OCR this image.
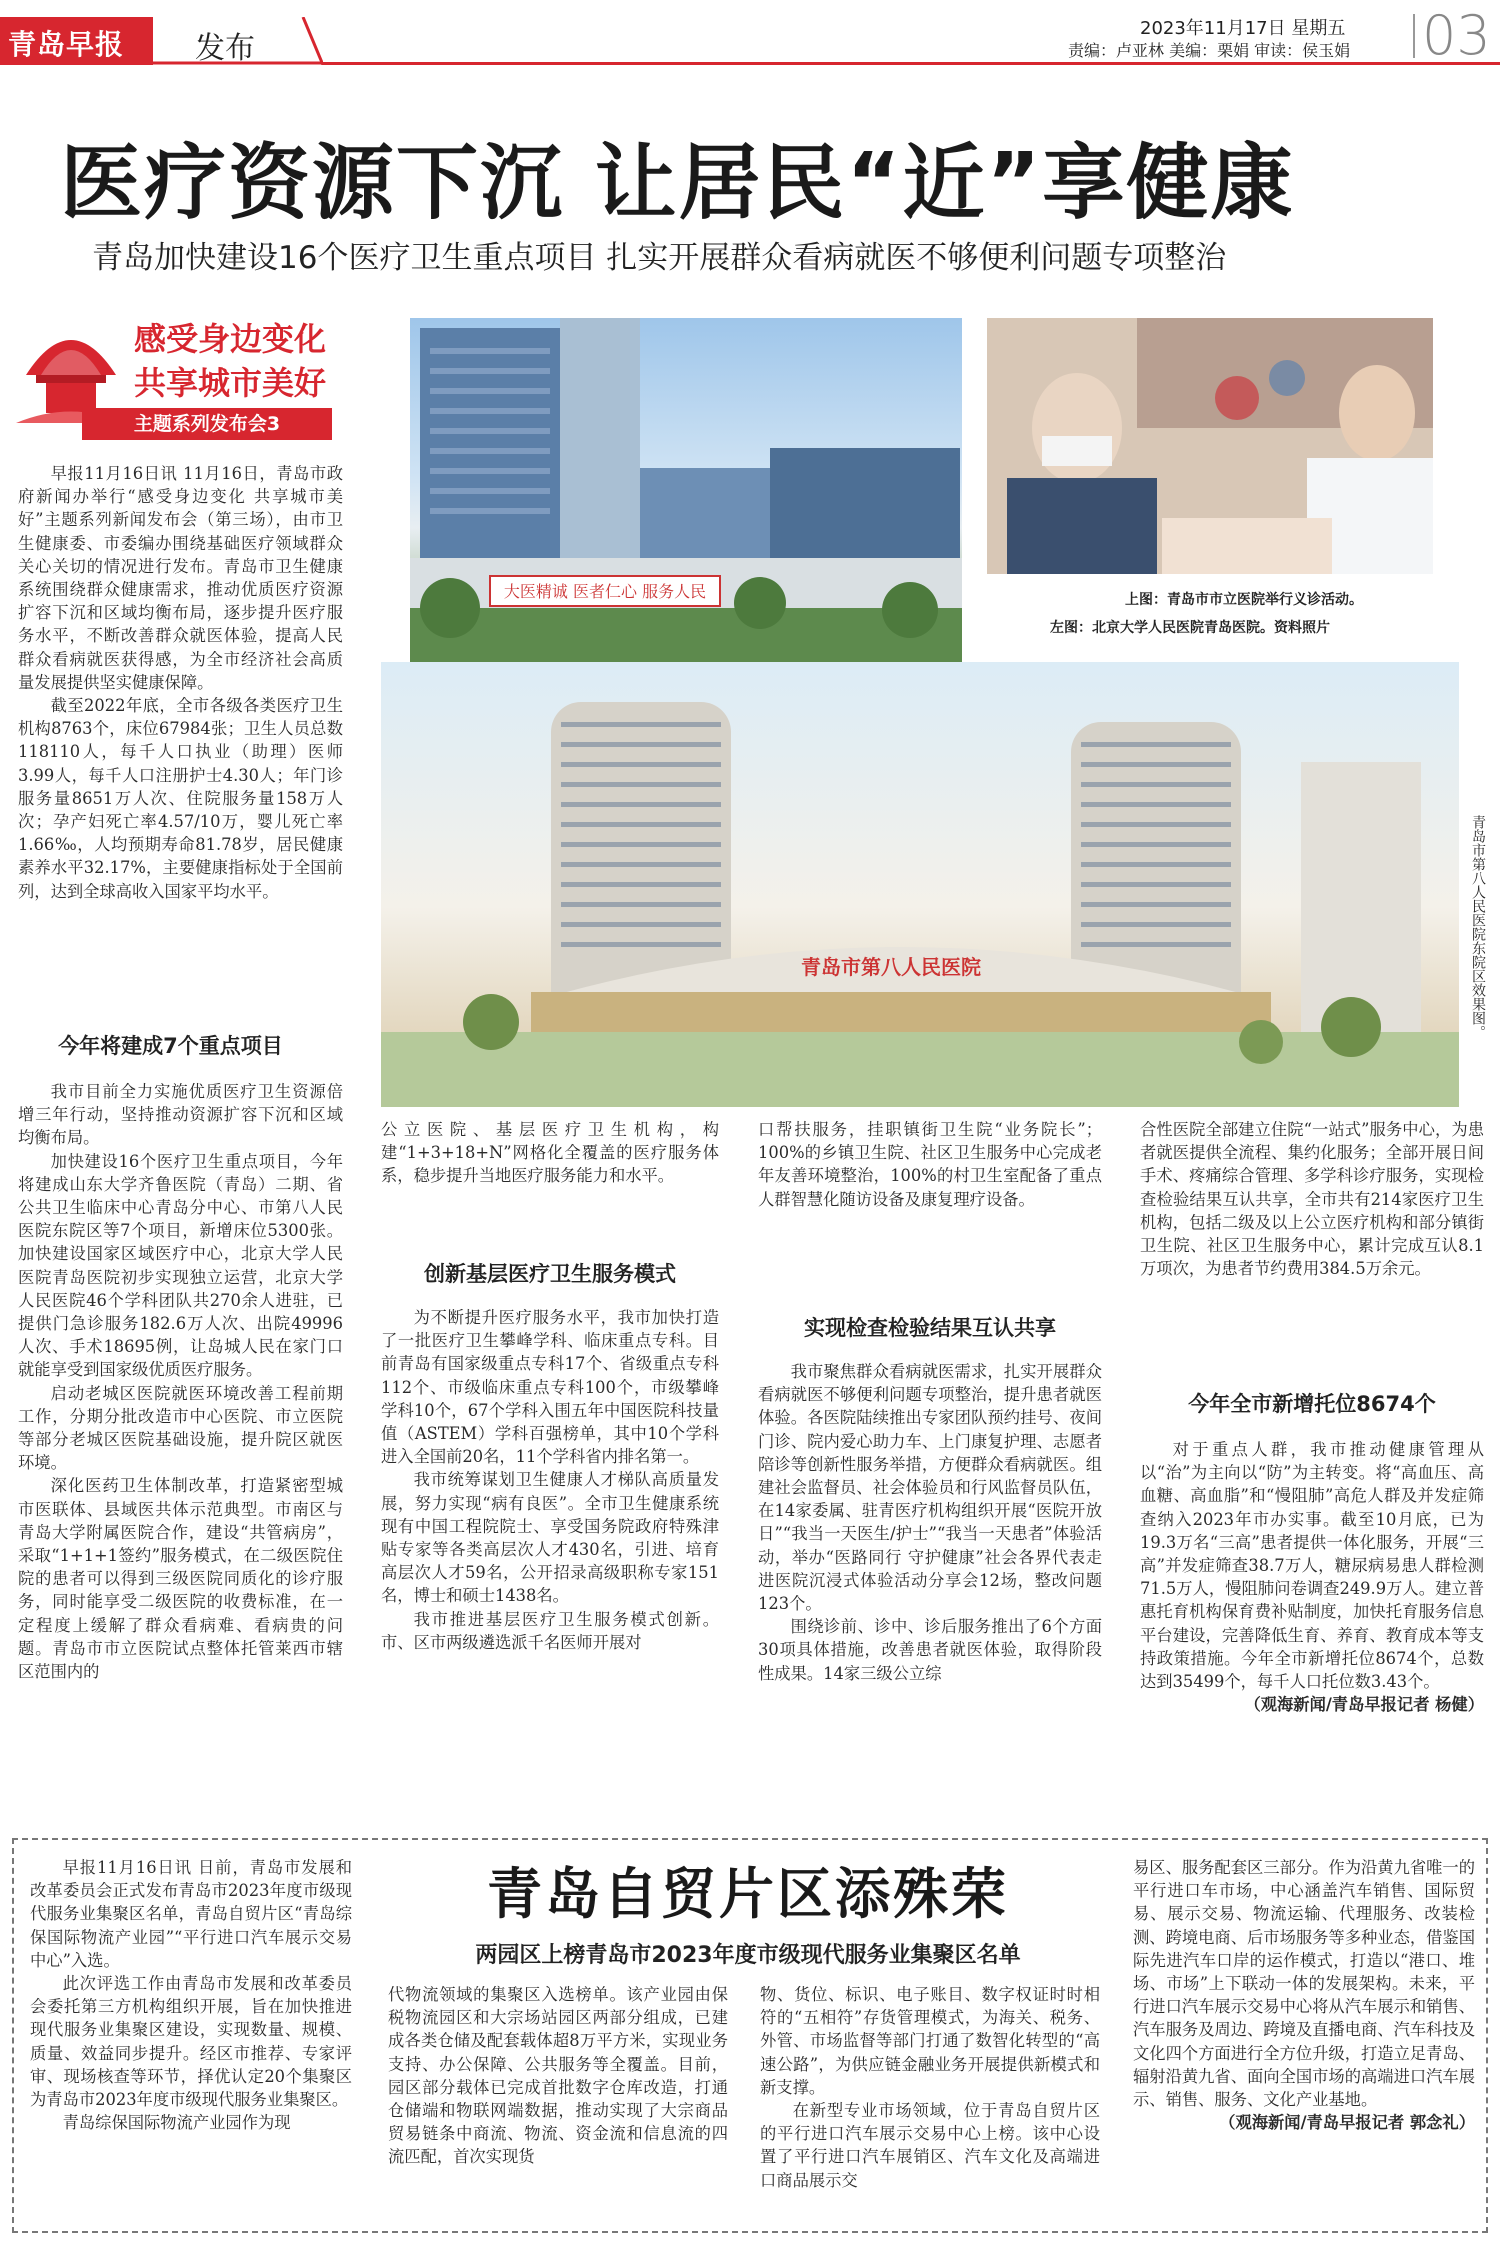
青岛早报 发布
2023年11月17日 星期五
责编：卢亚林 美编：栗娟 审读：侯玉娟	03
医疗资源下沉 让居民“近”享健康
青岛加快建设16个医疗卫生重点项目 扎实开展群众看病就医不够便利问题专项整治
感受身边变化
共享城市美好
主题系列发布会3
大医精诚 医者仁心 服务人民	上图：青岛市市立医院举行义诊活动。
左图：北京大学人民医院青岛医院。资料照片
青岛市第八人民医院	青岛市第八人民医院东院区效果图。

早报11月16日讯 11月16日，青岛市政府新闻办举行“感受身边变化 共享城市美好”主题系列新闻发布会（第三场），由市卫生健康委、市委编办围绕基础医疗领域群众关心关切的情况进行发布。青岛市卫生健康系统围绕群众健康需求，推动优质医疗资源扩容下沉和区域均衡布局，逐步提升医疗服务水平，不断改善群众就医体验，提高人民群众看病就医获得感，为全市经济社会高质量发展提供坚实健康保障。

截至2022年底，全市各级各类医疗卫生机构8763个，床位67984张；卫生人员总数118110人，每千人口执业（助理）医师3.99人，每千人口注册护士4.30人；年门诊服务量8651万人次、住院服务量158万人次；孕产妇死亡率4.57/10万，婴儿死亡率1.66‰，人均预期寿命81.78岁，居民健康素养水平32.17%，主要健康指标处于全国前列，达到全球高收入国家平均水平。

今年将建成7个重点项目

我市目前全力实施优质医疗卫生资源倍增三年行动，坚持推动资源扩容下沉和区域均衡布局。

加快建设16个医疗卫生重点项目，今年将建成山东大学齐鲁医院（青岛）二期、省公共卫生临床中心青岛分中心、市第八人民医院东院区等7个项目，新增床位5300张。加快建设国家区域医疗中心，北京大学人民医院青岛医院初步实现独立运营，北京大学人民医院46个学科团队共270余人进驻，已提供门急诊服务182.6万人次、出院49996人次、手术18695例，让岛城人民在家门口就能享受到国家级优质医疗服务。

启动老城区医院就医环境改善工程前期工作，分期分批改造市中心医院、市立医院等部分老城区医院基础设施，提升院区就医环境。

深化医药卫生体制改革，打造紧密型城市医联体、县域医共体示范典型。市南区与青岛大学附属医院合作，建设“共管病房”，采取“1+1+1签约”服务模式，在二级医院住院的患者可以得到三级医院同质化的诊疗服务，同时能享受二级医院的收费标准，在一定程度上缓解了群众看病难、看病贵的问题。青岛市市立医院试点整体托管莱西市辖区范围内的

公立医院、基层医疗卫生机构，构建“1+3+18+N”网格化全覆盖的医疗服务体系，稳步提升当地医疗服务能力和水平。

创新基层医疗卫生服务模式

为不断提升医疗服务水平，我市加快打造了一批医疗卫生攀峰学科、临床重点专科。目前青岛有国家级重点专科17个、省级重点专科112个、市级临床重点专科100个，市级攀峰学科10个，67个学科入围五年中国医院科技量值（ASTEM）学科百强榜单，其中10个学科进入全国前20名，11个学科省内排名第一。

我市统筹谋划卫生健康人才梯队高质量发展，努力实现“病有良医”。全市卫生健康系统现有中国工程院院士、享受国务院政府特殊津贴专家等各类高层次人才430名，引进、培育高层次人才59名，公开招录高级职称专家151名，博士和硕士1438名。

我市推进基层医疗卫生服务模式创新。市、区市两级遴选派千名医师开展对

口帮扶服务，挂职镇街卫生院“业务院长”；100%的乡镇卫生院、社区卫生服务中心完成老年友善环境整治，100%的村卫生室配备了重点人群智慧化随访设备及康复理疗设备。

实现检查检验结果互认共享

我市聚焦群众看病就医需求，扎实开展群众看病就医不够便利问题专项整治，提升患者就医体验。各医院陆续推出专家团队预约挂号、夜间门诊、院内爱心助力车、上门康复护理、志愿者陪诊等创新性服务举措，方便群众看病就医。组建社会监督员、社会体验员和行风监督员队伍，在14家委属、驻青医疗机构组织开展“医院开放日”“我当一天医生/护士”“我当一天患者”体验活动，举办“医路同行 守护健康”社会各界代表走进医院沉浸式体验活动分享会12场，整改问题123个。

围绕诊前、诊中、诊后服务推出了6个方面30项具体措施，改善患者就医体验，取得阶段性成果。14家三级公立综

合性医院全部建立住院“一站式”服务中心，为患者就医提供全流程、集约化服务；全部开展日间手术、疼痛综合管理、多学科诊疗服务，实现检查检验结果互认共享，全市共有214家医疗卫生机构，包括二级及以上公立医疗机构和部分镇街卫生院、社区卫生服务中心，累计完成互认8.1万项次，为患者节约费用384.5万余元。

今年全市新增托位8674个

对于重点人群，我市推动健康管理从以“治”为主向以“防”为主转变。将“高血压、高血糖、高血脂”和“慢阻肺”高危人群及并发症筛查纳入2023年市办实事。截至10月底，已为19.3万名“三高”患者提供一体化服务，开展“三高”并发症筛查38.7万人，糖尿病易患人群检测71.5万人，慢阻肺问卷调查249.9万人。建立普惠托育机构保育费补贴制度，加快托育服务信息平台建设，完善降低生育、养育、教育成本等支持政策措施。今年全市新增托位8674个，总数达到35499个，每千人口托位数3.43个。

（观海新闻/青岛早报记者 杨健）

早报11月16日讯 日前，青岛市发展和改革委员会正式发布青岛市2023年度市级现代服务业集聚区名单，青岛自贸片区“青岛综保国际物流产业园”“平行进口汽车展示交易中心”入选。

此次评选工作由青岛市发展和改革委员会委托第三方机构组织开展，旨在加快推进现代服务业集聚区建设，实现数量、规模、质量、效益同步提升。经区市推荐、专家评审、现场核查等环节，择优认定20个集聚区为青岛市2023年度市级现代服务业集聚区。

青岛综保国际物流产业园作为现

青岛自贸片区添殊荣
两园区上榜青岛市2023年度市级现代服务业集聚区名单

代物流领域的集聚区入选榜单。该产业园由保税物流园区和大宗场站园区两部分组成，已建成各类仓储及配套载体超8万平方米，实现业务支持、办公保障、公共服务等全覆盖。目前，园区部分载体已完成首批数字仓库改造，打通仓储端和物联网端数据，推动实现了大宗商品贸易链条中商流、物流、资金流和信息流的四流匹配，首次实现货

物、货位、标识、电子账目、数字权证时时相符的“五相符”存货管理模式，为海关、税务、外管、市场监督等部门打通了数智化转型的“高速公路”，为供应链金融业务开展提供新模式和新支撑。

在新型专业市场领域，位于青岛自贸片区的平行进口汽车展示交易中心上榜。该中心设置了平行进口汽车展销区、汽车文化及高端进口商品展示交

易区、服务配套区三部分。作为沿黄九省唯一的平行进口车市场，中心涵盖汽车销售、国际贸易、展示交易、物流运输、代理服务、改装检测、跨境电商、后市场服务等多种业态，借鉴国际先进汽车口岸的运作模式，打造以“港口、堆场、市场”上下联动一体的发展架构。未来，平行进口汽车展示交易中心将从汽车展示和销售、汽车服务及周边、跨境及直播电商、汽车科技及文化四个方面进行全方位升级，打造立足青岛、辐射沿黄九省、面向全国市场的高端进口汽车展示、销售、服务、文化产业基地。

（观海新闻/青岛早报记者 郭念礼）
